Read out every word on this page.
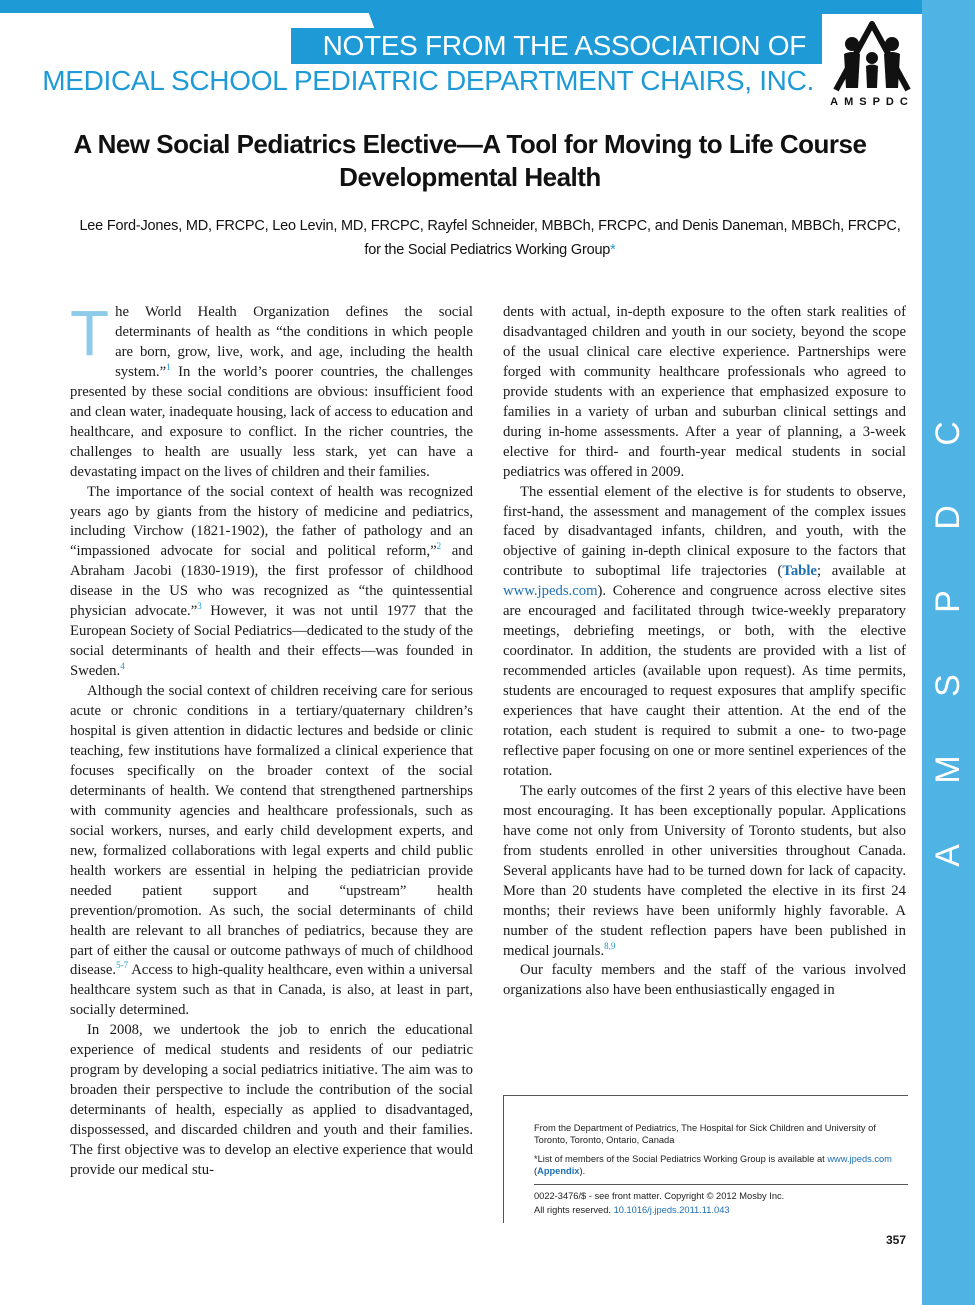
C
D
P
S
M
A
NOTES FROM THE ASSOCIATION OF
MEDICAL SCHOOL PEDIATRIC DEPARTMENT CHAIRS, INC.
AMSPDC
A New Social Pediatrics Elective—A Tool for Moving to Life Course Developmental Health
Lee Ford-Jones, MD, FRCPC, Leo Levin, MD, FRCPC, Rayfel Schneider, MBBCh, FRCPC, and Denis Daneman, MBBCh, FRCPC,
for the Social Pediatrics Working Group*

The World Health Organization defines the social determinants of health as “the conditions in which people are born, grow, live, work, and age, including the health system.”$^1$ In the world’s poorer countries, the challenges presented by these social conditions are obvious: insufficient food and clean water, inadequate housing, lack of access to education and healthcare, and exposure to conflict. In the richer countries, the challenges to health are usually less stark, yet can have a devastating impact on the lives of children and their families.

The importance of the social context of health was recognized years ago by giants from the history of medicine and pediatrics, including Virchow (1821-1902), the father of pathology and an “impassioned advocate for social and political reform,”$^2$ and Abraham Jacobi (1830-1919), the first professor of childhood disease in the US who was recognized as “the quintessential physician advocate.”$^3$ However, it was not until 1977 that the European Society of Social Pediatrics—dedicated to the study of the social determinants of health and their effects—was founded in Sweden.$^4$

Although the social context of children receiving care for serious acute or chronic conditions in a tertiary/quaternary children’s hospital is given attention in didactic lectures and bedside or clinic teaching, few institutions have formalized a clinical experience that focuses specifically on the broader context of the social determinants of health. We contend that strengthened partnerships with community agencies and healthcare professionals, such as social workers, nurses, and early child development experts, and new, formalized collaborations with legal experts and child public health workers are essential in helping the pediatrician provide needed patient support and “upstream” health prevention/promotion. As such, the social determinants of child health are relevant to all branches of pediatrics, because they are part of either the causal or outcome pathways of much of childhood disease.$^{5-7}$ Access to high-quality healthcare, even within a universal healthcare system such as that in Canada, is also, at least in part, socially determined.

In 2008, we undertook the job to enrich the educational experience of medical students and residents of our pediatric program by developing a social pediatrics initiative. The aim was to broaden their perspective to include the contribution of the social determinants of health, especially as applied to disadvantaged, dispossessed, and discarded children and youth and their families. The first objective was to develop an elective experience that would provide our medical stu-

dents with actual, in-depth exposure to the often stark realities of disadvantaged children and youth in our society, beyond the scope of the usual clinical care elective experience. Partnerships were forged with community healthcare professionals who agreed to provide students with an experience that emphasized exposure to families in a variety of urban and suburban clinical settings and during in-home assessments. After a year of planning, a 3-week elective for third- and fourth-year medical students in social pediatrics was offered in 2009.

The essential element of the elective is for students to observe, first-hand, the assessment and management of the complex issues faced by disadvantaged infants, children, and youth, with the objective of gaining in-depth clinical exposure to the factors that contribute to suboptimal life trajectories (Table; available at www.jpeds.com). Coherence and congruence across elective sites are encouraged and facilitated through twice-weekly preparatory meetings, debriefing meetings, or both, with the elective coordinator. In addition, the students are provided with a list of recommended articles (available upon request). As time permits, students are encouraged to request exposures that amplify specific experiences that have caught their attention. At the end of the rotation, each student is required to submit a one- to two-page reflective paper focusing on one or more sentinel experiences of the rotation.

The early outcomes of the first 2 years of this elective have been most encouraging. It has been exceptionally popular. Applications have come not only from University of Toronto students, but also from students enrolled in other universities throughout Canada. Several applicants have had to be turned down for lack of capacity. More than 20 students have completed the elective in its first 24 months; their reviews have been uniformly highly favorable. A number of the student reflection papers have been published in medical journals.$^{8,9}$

Our faculty members and the staff of the various involved organizations also have been enthusiastically engaged in

From the Department of Pediatrics, The Hospital for Sick Children and University of Toronto, Toronto, Ontario, Canada

*List of members of the Social Pediatrics Working Group is available at www.jpeds.com (Appendix).

0022-3476/$ - see front matter. Copyright © 2012 Mosby Inc.

All rights reserved. 10.1016/j.jpeds.2011.11.043

357
